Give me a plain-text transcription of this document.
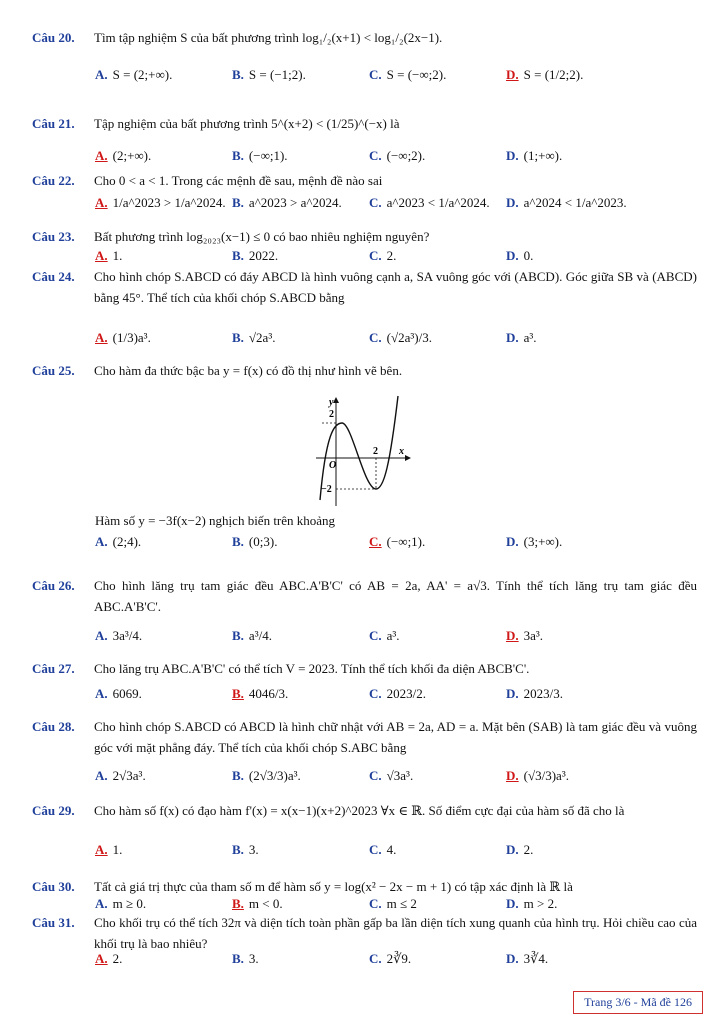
Câu 20.	Tìm tập nghiệm S của bất phương trình log₁/₂(x+1) < log₁/₂(2x−1).
A. S = (2;+∞).	B. S = (−1;2).	C. S = (−∞;2).	D. S = (1/2;2).
Câu 21.	Tập nghiệm của bất phương trình 5^(x+2) < (1/25)^(−x) là
A. (2;+∞).	B. (−∞;1).	C. (−∞;2).	D. (1;+∞).
Câu 22.	Cho 0 < a < 1. Trong các mệnh đề sau, mệnh đề nào sai
A. 1/a^2023 > 1/a^2024. B. a^2023 > a^2024.	C. a^2023 < 1/a^2024.	D. a^2024 < 1/a^2023.
Câu 23.	Bất phương trình log₂₀₂₃(x−1) ≤ 0 có bao nhiêu nghiệm nguyên?
A. 1.	B. 2022.	C. 2.	D. 0.
Câu 24.	Cho hình chóp S.ABCD có đáy ABCD là hình vuông cạnh a, SA vuông góc với (ABCD). Góc giữa SB và (ABCD) bằng 45°. Thể tích của khối chóp S.ABCD bằng
A. (1/3)a³.	B. √2a³.	C. (√2a³)/3.	D. a³.
Câu 25.	Cho hàm đa thức bậc ba y = f(x) có đồ thị như hình vẽ bên.
y
x
O
2
−2
2
Hàm số y = −3f(x−2) nghịch biến trên khoảng
A. (2;4).	B. (0;3).	C. (−∞;1).	D. (3;+∞).
Câu 26.	Cho hình lăng trụ tam giác đều ABC.A'B'C' có AB = 2a, AA' = a√3. Tính thể tích lăng trụ tam giác đều ABC.A'B'C'.
A. 3a³/4.	B. a³/4.	C. a³.	D. 3a³.
Câu 27.	Cho lăng trụ ABC.A'B'C' có thể tích V = 2023. Tính thể tích khối đa diện ABCB'C'.
A. 6069.	B. 4046/3.	C. 2023/2.	D. 2023/3.
Câu 28.	Cho hình chóp S.ABCD có ABCD là hình chữ nhật với AB = 2a, AD = a. Mặt bên (SAB) là tam giác đều và vuông góc với mặt phẳng đáy. Thể tích của khối chóp S.ABC bằng
A. 2√3a³.	B. (2√3/3)a³.	C. √3a³.	D. (√3/3)a³.
Câu 29.	Cho hàm số f(x) có đạo hàm f'(x) = x(x−1)(x+2)^2023 ∀x ∈ ℝ. Số điểm cực đại của hàm số đã cho là
A. 1.	B. 3.	C. 4.	D. 2.
Câu 30.	Tất cả giá trị thực của tham số m để hàm số y = log(x² − 2x − m + 1) có tập xác định là ℝ là
A. m ≥ 0.	B. m < 0.	C. m ≤ 2	D. m > 2.
Câu 31.	Cho khối trụ có thể tích 32π và diện tích toàn phần gấp ba lần diện tích xung quanh của hình trụ. Hỏi chiều cao của khối trụ là bao nhiêu?
A. 2.	B. 3.	C. 2∛9.	D. 3∛4.
Trang 3/6 - Mã đề 126
